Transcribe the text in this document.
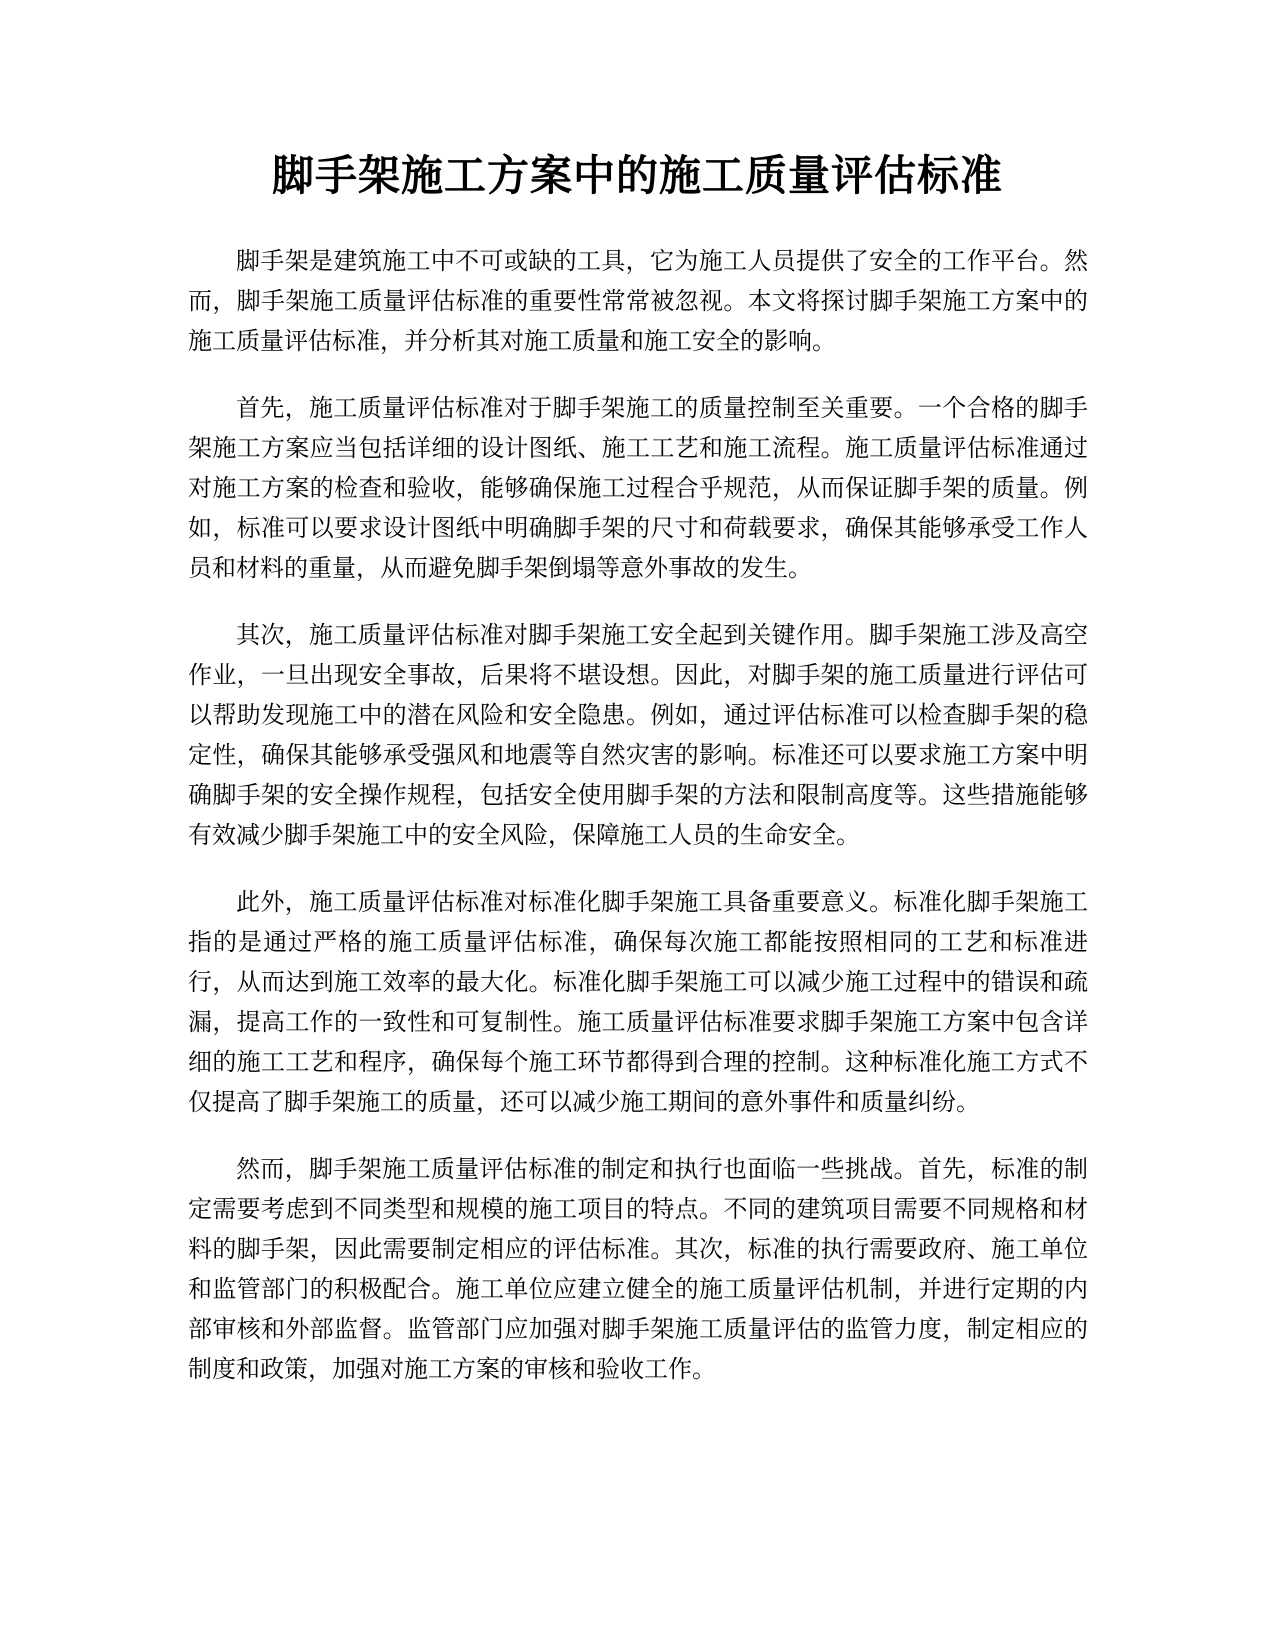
脚手架施工方案中的施工质量评估标准

脚手架是建筑施工中不可或缺的工具，它为施工人员提供了安全的工作平台。然而，脚手架施工质量评估标准的重要性常常被忽视。本文将探讨脚手架施工方案中的施工质量评估标准，并分析其对施工质量和施工安全的影响。

首先，施工质量评估标准对于脚手架施工的质量控制至关重要。一个合格的脚手架施工方案应当包括详细的设计图纸、施工工艺和施工流程。施工质量评估标准通过对施工方案的检查和验收，能够确保施工过程合乎规范，从而保证脚手架的质量。例如，标准可以要求设计图纸中明确脚手架的尺寸和荷载要求，确保其能够承受工作人员和材料的重量，从而避免脚手架倒塌等意外事故的发生。

其次，施工质量评估标准对脚手架施工安全起到关键作用。脚手架施工涉及高空作业，一旦出现安全事故，后果将不堪设想。因此，对脚手架的施工质量进行评估可以帮助发现施工中的潜在风险和安全隐患。例如，通过评估标准可以检查脚手架的稳定性，确保其能够承受强风和地震等自然灾害的影响。标准还可以要求施工方案中明确脚手架的安全操作规程，包括安全使用脚手架的方法和限制高度等。这些措施能够有效减少脚手架施工中的安全风险，保障施工人员的生命安全。

此外，施工质量评估标准对标准化脚手架施工具备重要意义。标准化脚手架施工指的是通过严格的施工质量评估标准，确保每次施工都能按照相同的工艺和标准进行，从而达到施工效率的最大化。标准化脚手架施工可以减少施工过程中的错误和疏漏，提高工作的一致性和可复制性。施工质量评估标准要求脚手架施工方案中包含详细的施工工艺和程序，确保每个施工环节都得到合理的控制。这种标准化施工方式不仅提高了脚手架施工的质量，还可以减少施工期间的意外事件和质量纠纷。

然而，脚手架施工质量评估标准的制定和执行也面临一些挑战。首先，标准的制定需要考虑到不同类型和规模的施工项目的特点。不同的建筑项目需要不同规格和材料的脚手架，因此需要制定相应的评估标准。其次，标准的执行需要政府、施工单位和监管部门的积极配合。施工单位应建立健全的施工质量评估机制，并进行定期的内部审核和外部监督。监管部门应加强对脚手架施工质量评估的监管力度，制定相应的制度和政策，加强对施工方案的审核和验收工作。
